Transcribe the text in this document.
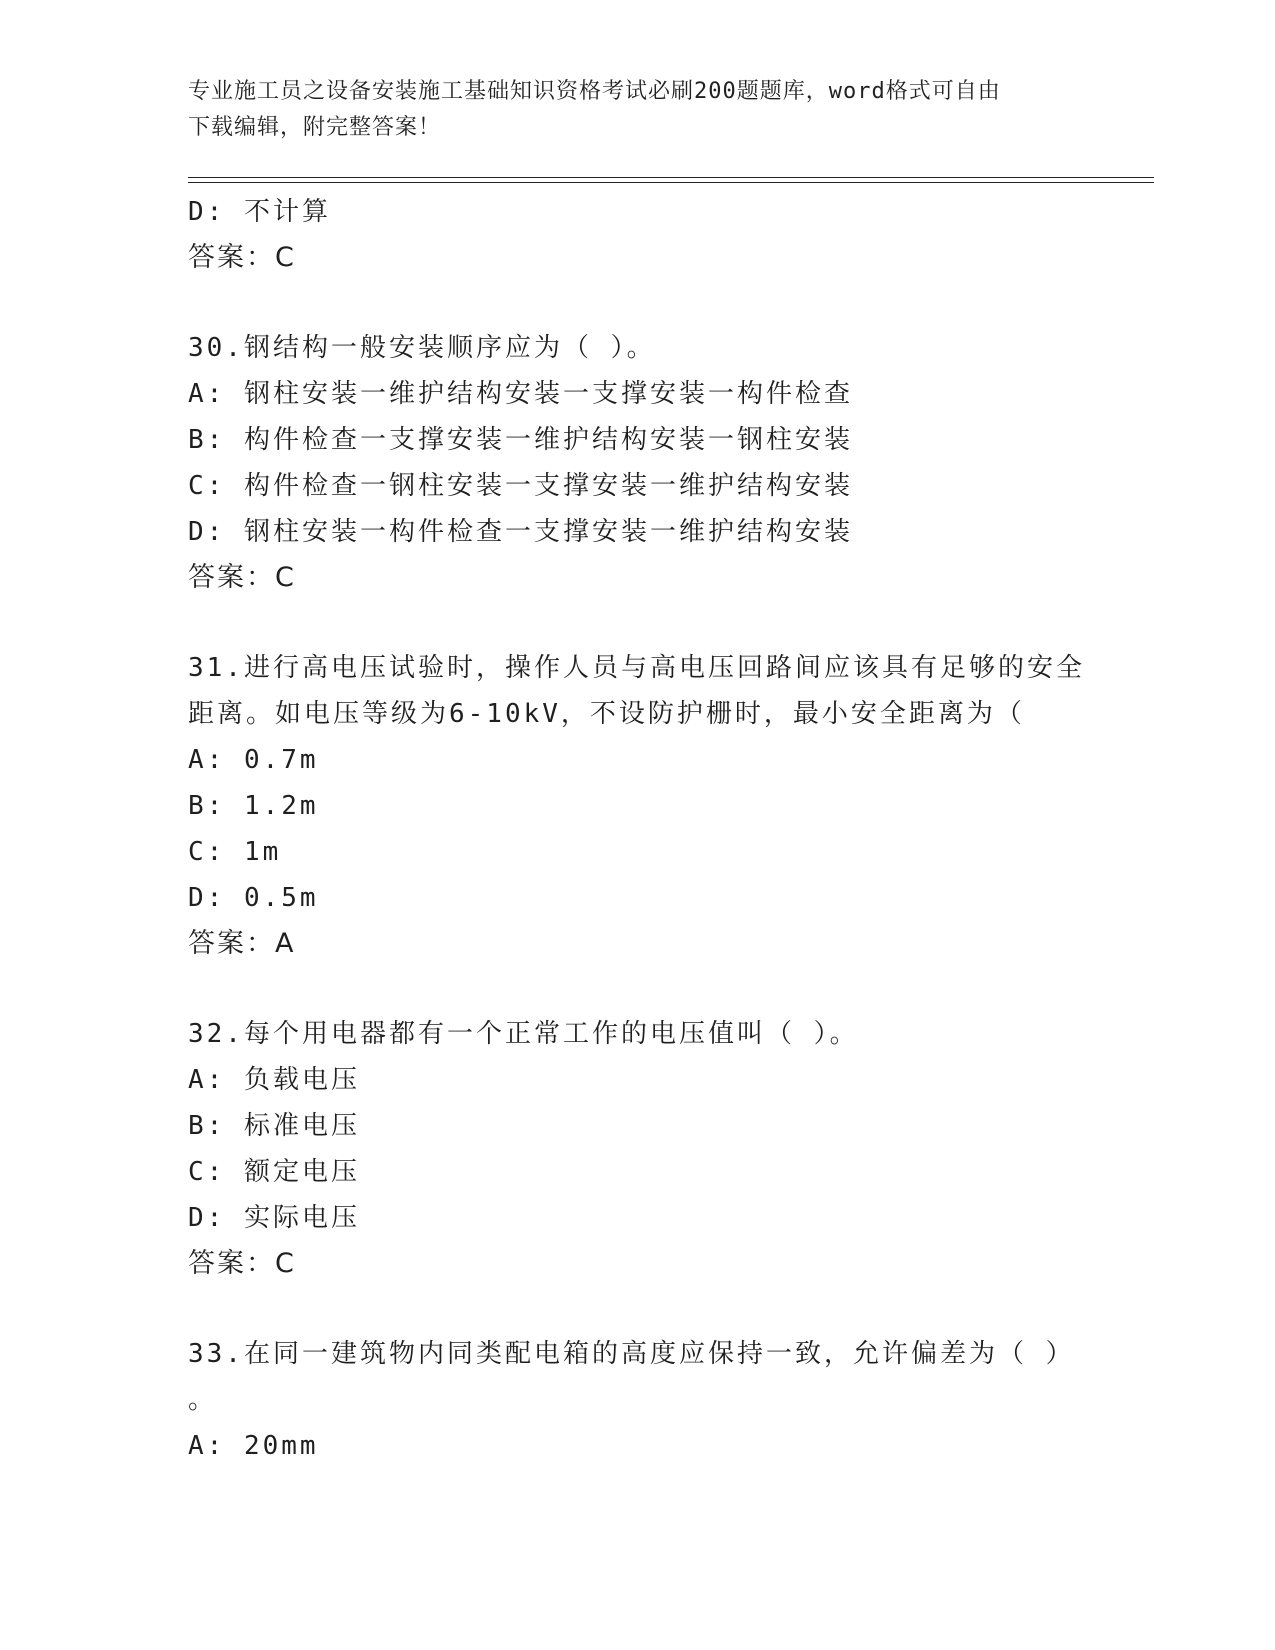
专业施工员之设备安装施工基础知识资格考试必刷200题题库，word格式可自由
下载编辑，附完整答案！
D: 不计算
答案：C
30.钢结构一般安装顺序应为（ ）。
A: 钢柱安装一维护结构安装一支撑安装一构件检查
B: 构件检查一支撑安装一维护结构安装一钢柱安装
C: 构件检查一钢柱安装一支撑安装一维护结构安装
D: 钢柱安装一构件检查一支撑安装一维护结构安装
答案：C
31.进行高电压试验时，操作人员与高电压回路间应该具有足够的安全
距离。如电压等级为6-10kV，不设防护栅时，最小安全距离为（
A: 0.7m
B: 1.2m
C: 1m
D: 0.5m
答案：A
32.每个用电器都有一个正常工作的电压值叫（ ）。
A: 负载电压
B: 标准电压
C: 额定电压
D: 实际电压
答案：C
33.在同一建筑物内同类配电箱的高度应保持一致，允许偏差为（ ）
。
A: 20mm
